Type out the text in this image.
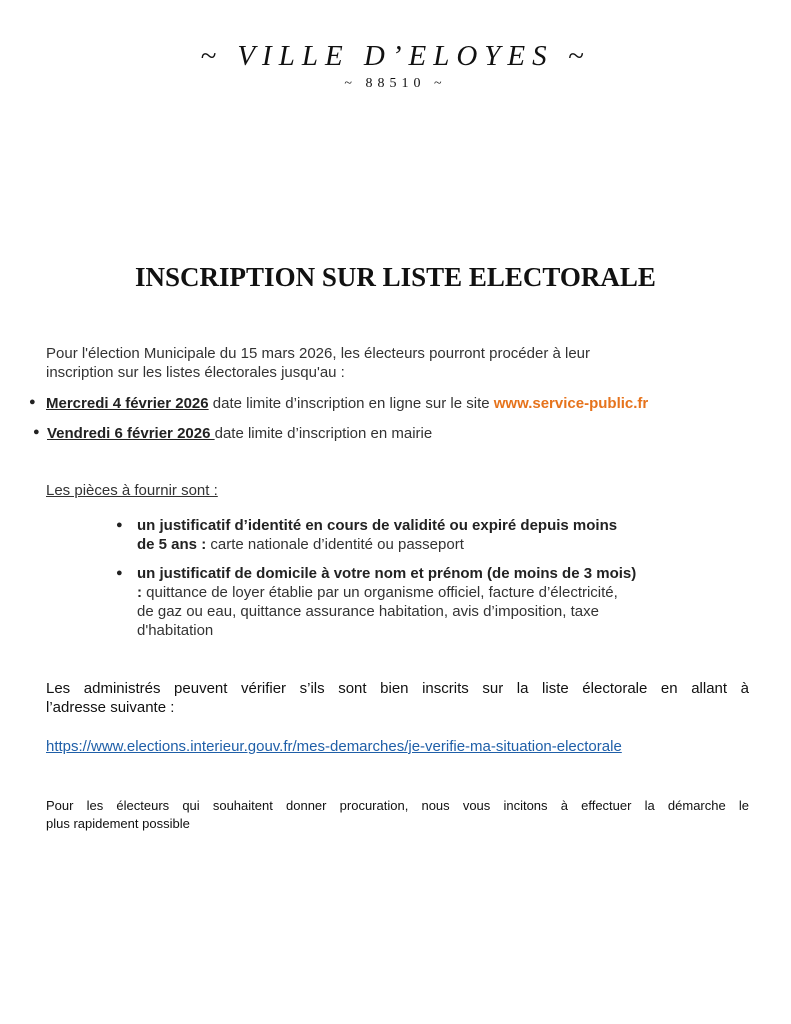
~ VILLE D’ELOYES ~
~ 88510 ~
INSCRIPTION SUR LISTE ELECTORALE
Pour l'élection Municipale du 15 mars 2026, les électeurs pourront procéder à leur
inscription sur les listes électorales jusqu'au :
● Mercredi 4 février 2026 date limite d’inscription en ligne sur le site www.service-public.fr
● Vendredi 6 février 2026 date limite d’inscription en mairie
Les pièces à fournir sont :
● un justificatif d’identité en cours de validité ou expiré depuis moins
de 5 ans : carte nationale d’identité ou passeport
● un justificatif de domicile à votre nom et prénom (de moins de 3 mois)
: quittance de loyer établie par un organisme officiel, facture d’électricité,
de gaz ou eau, quittance assurance habitation, avis d’imposition, taxe
d'habitation
Les administrés peuvent vérifier s’ils sont bien inscrits sur la liste électorale en allant à
l’adresse suivante :
https://www.elections.interieur.gouv.fr/mes-demarches/je-verifie-ma-situation-electorale
Pour les électeurs qui souhaitent donner procuration, nous vous incitons à effectuer la démarche le
plus rapidement possible
